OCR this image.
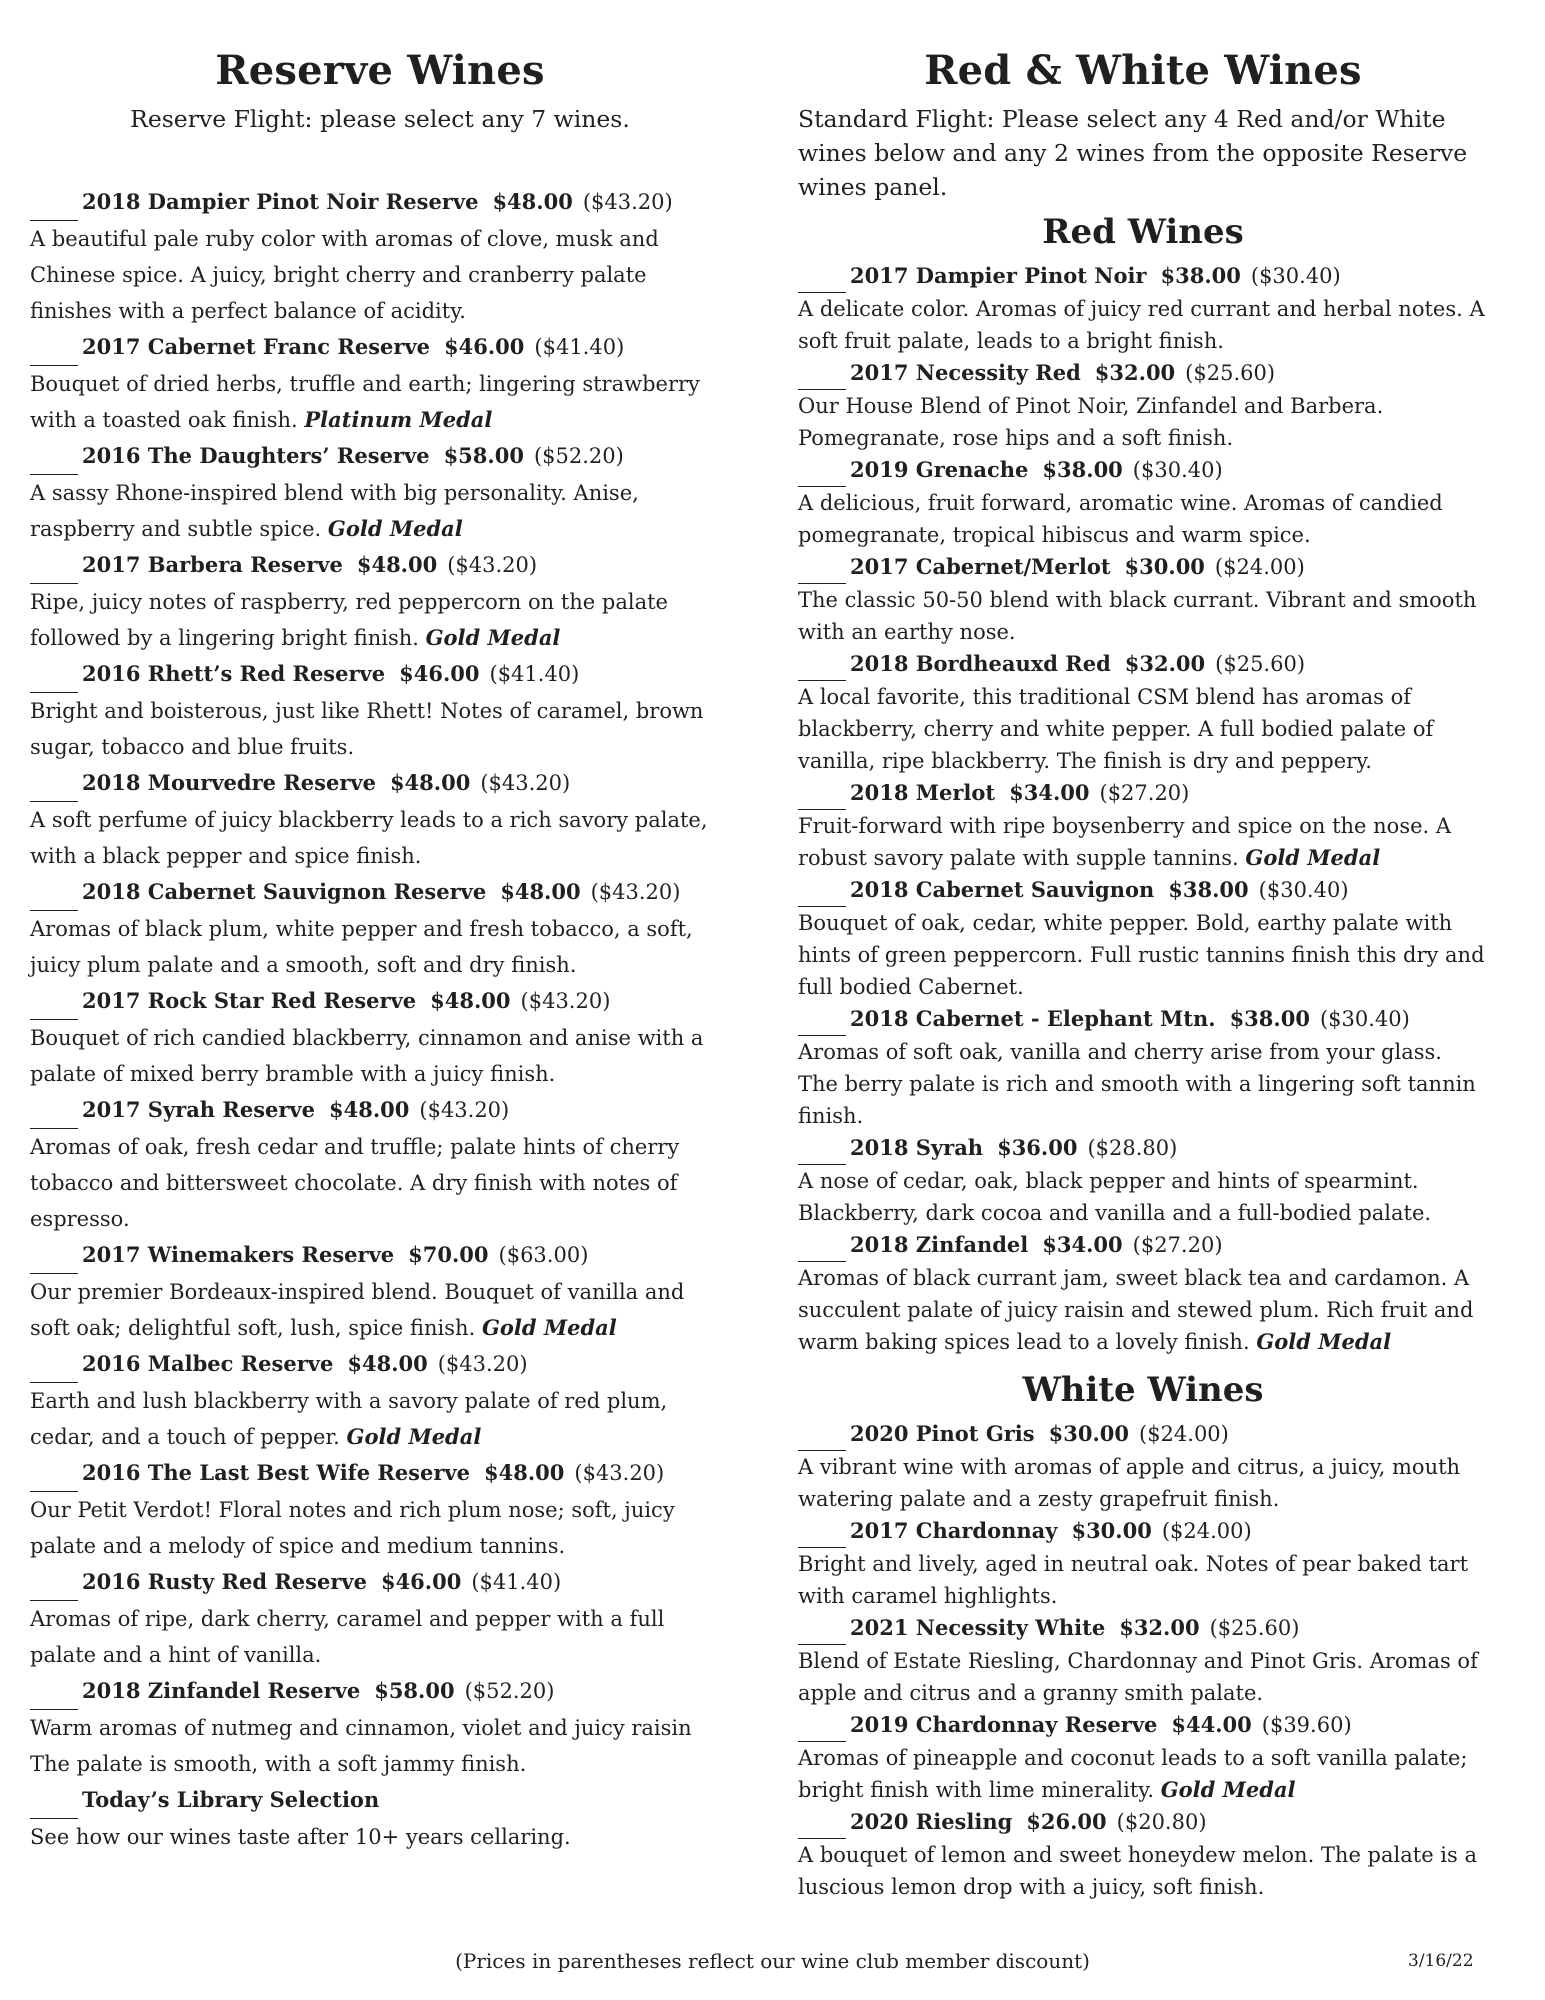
Reserve Wines

Reserve Flight: please select any 7 wines.

2018 Dampier Pinot Noir Reserve $48.00 ($43.20)
A beautiful pale ruby color with aromas of clove, musk and Chinese spice. A juicy, bright cherry and cranberry palate finishes with a perfect balance of acidity.
2017 Cabernet Franc Reserve $46.00 ($41.40)
Bouquet of dried herbs, truffle and earth; lingering strawberry with a toasted oak finish. Platinum Medal
2016 The Daughters’ Reserve $58.00 ($52.20)
A sassy Rhone-inspired blend with big personality. Anise, raspberry and subtle spice. Gold Medal
2017 Barbera Reserve $48.00 ($43.20)
Ripe, juicy notes of raspberry, red peppercorn on the palate followed by a lingering bright finish. Gold Medal
2016 Rhett’s Red Reserve $46.00 ($41.40)
Bright and boisterous, just like Rhett! Notes of caramel, brown sugar, tobacco and blue fruits.
2018 Mourvedre Reserve $48.00 ($43.20)
A soft perfume of juicy blackberry leads to a rich savory palate, with a black pepper and spice finish.
2018 Cabernet Sauvignon Reserve $48.00 ($43.20)
Aromas of black plum, white pepper and fresh tobacco, a soft, juicy plum palate and a smooth, soft and dry finish.
2017 Rock Star Red Reserve $48.00 ($43.20)
Bouquet of rich candied blackberry, cinnamon and anise with a palate of mixed berry bramble with a juicy finish.
2017 Syrah Reserve $48.00 ($43.20)
Aromas of oak, fresh cedar and truffle; palate hints of cherry tobacco and bittersweet chocolate. A dry finish with notes of espresso.
2017 Winemakers Reserve $70.00 ($63.00)
Our premier Bordeaux-inspired blend. Bouquet of vanilla and soft oak; delightful soft, lush, spice finish. Gold Medal
2016 Malbec Reserve $48.00 ($43.20)
Earth and lush blackberry with a savory palate of red plum, cedar, and a touch of pepper. Gold Medal
2016 The Last Best Wife Reserve $48.00 ($43.20)
Our Petit Verdot! Floral notes and rich plum nose; soft, juicy palate and a melody of spice and medium tannins.
2016 Rusty Red Reserve $46.00 ($41.40)
Aromas of ripe, dark cherry, caramel and pepper with a full palate and a hint of vanilla.
2018 Zinfandel Reserve $58.00 ($52.20)
Warm aromas of nutmeg and cinnamon, violet and juicy raisin The palate is smooth, with a soft jammy finish.
Today’s Library Selection
See how our wines taste after 10+ years cellaring.
Red & White Wines

Standard Flight: Please select any 4 Red and/or White wines below and any 2 wines from the opposite Reserve wines panel.

Red Wines
2017 Dampier Pinot Noir $38.00 ($30.40)
A delicate color. Aromas of juicy red currant and herbal notes. A soft fruit palate, leads to a bright finish.
2017 Necessity Red $32.00 ($25.60)
Our House Blend of Pinot Noir, Zinfandel and Barbera. Pomegranate, rose hips and a soft finish.
2019 Grenache $38.00 ($30.40)
A delicious, fruit forward, aromatic wine. Aromas of candied pomegranate, tropical hibiscus and warm spice.
2017 Cabernet/Merlot $30.00 ($24.00)
The classic 50-50 blend with black currant. Vibrant and smooth with an earthy nose.
2018 Bordheauxd Red $32.00 ($25.60)
A local favorite, this traditional CSM blend has aromas of blackberry, cherry and white pepper. A full bodied palate of vanilla, ripe blackberry. The finish is dry and peppery.
2018 Merlot $34.00 ($27.20)
Fruit-forward with ripe boysenberry and spice on the nose. A robust savory palate with supple tannins. Gold Medal
2018 Cabernet Sauvignon $38.00 ($30.40)
Bouquet of oak, cedar, white pepper. Bold, earthy palate with hints of green peppercorn. Full rustic tannins finish this dry and full bodied Cabernet.
2018 Cabernet - Elephant Mtn. $38.00 ($30.40)
Aromas of soft oak, vanilla and cherry arise from your glass. The berry palate is rich and smooth with a lingering soft tannin finish.
2018 Syrah $36.00 ($28.80)
A nose of cedar, oak, black pepper and hints of spearmint. Blackberry, dark cocoa and vanilla and a full-bodied palate.
2018 Zinfandel $34.00 ($27.20)
Aromas of black currant jam, sweet black tea and cardamon. A succulent palate of juicy raisin and stewed plum. Rich fruit and warm baking spices lead to a lovely finish. Gold Medal
White Wines
2020 Pinot Gris $30.00 ($24.00)
A vibrant wine with aromas of apple and citrus, a juicy, mouth watering palate and a zesty grapefruit finish.
2017 Chardonnay $30.00 ($24.00)
Bright and lively, aged in neutral oak. Notes of pear baked tart with caramel highlights.
2021 Necessity White $32.00 ($25.60)
Blend of Estate Riesling, Chardonnay and Pinot Gris. Aromas of apple and citrus and a granny smith palate.
2019 Chardonnay Reserve $44.00 ($39.60)
Aromas of pineapple and coconut leads to a soft vanilla palate; bright finish with lime minerality. Gold Medal
2020 Riesling $26.00 ($20.80)
A bouquet of lemon and sweet honeydew melon. The palate is a luscious lemon drop with a juicy, soft finish.
(Prices in parentheses reflect our wine club member discount)	3/16/22
